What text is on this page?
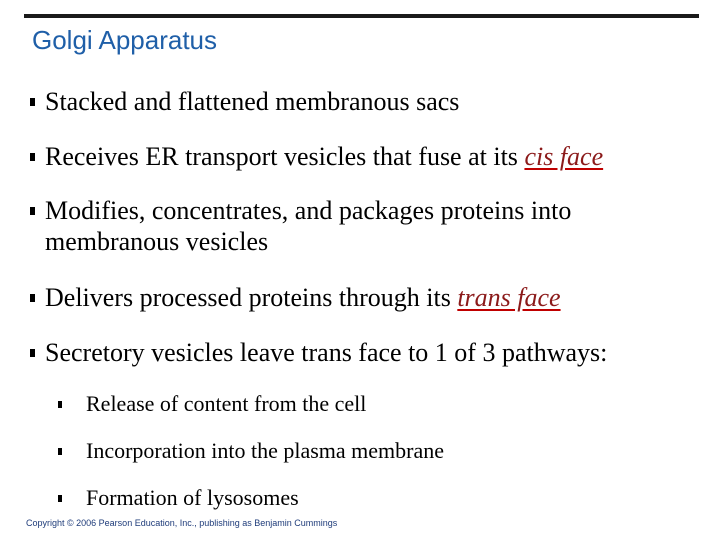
Golgi Apparatus
Stacked and flattened membranous sacs
Receives ER transport vesicles that fuse at its cis face
Modifies, concentrates, and packages proteins into membranous vesicles
Delivers processed proteins through its trans face
Secretory vesicles leave trans face to 1 of 3 pathways:
Release of content from the cell
Incorporation into the plasma membrane
Formation of lysosomes
Copyright © 2006 Pearson Education, Inc., publishing as Benjamin Cummings
